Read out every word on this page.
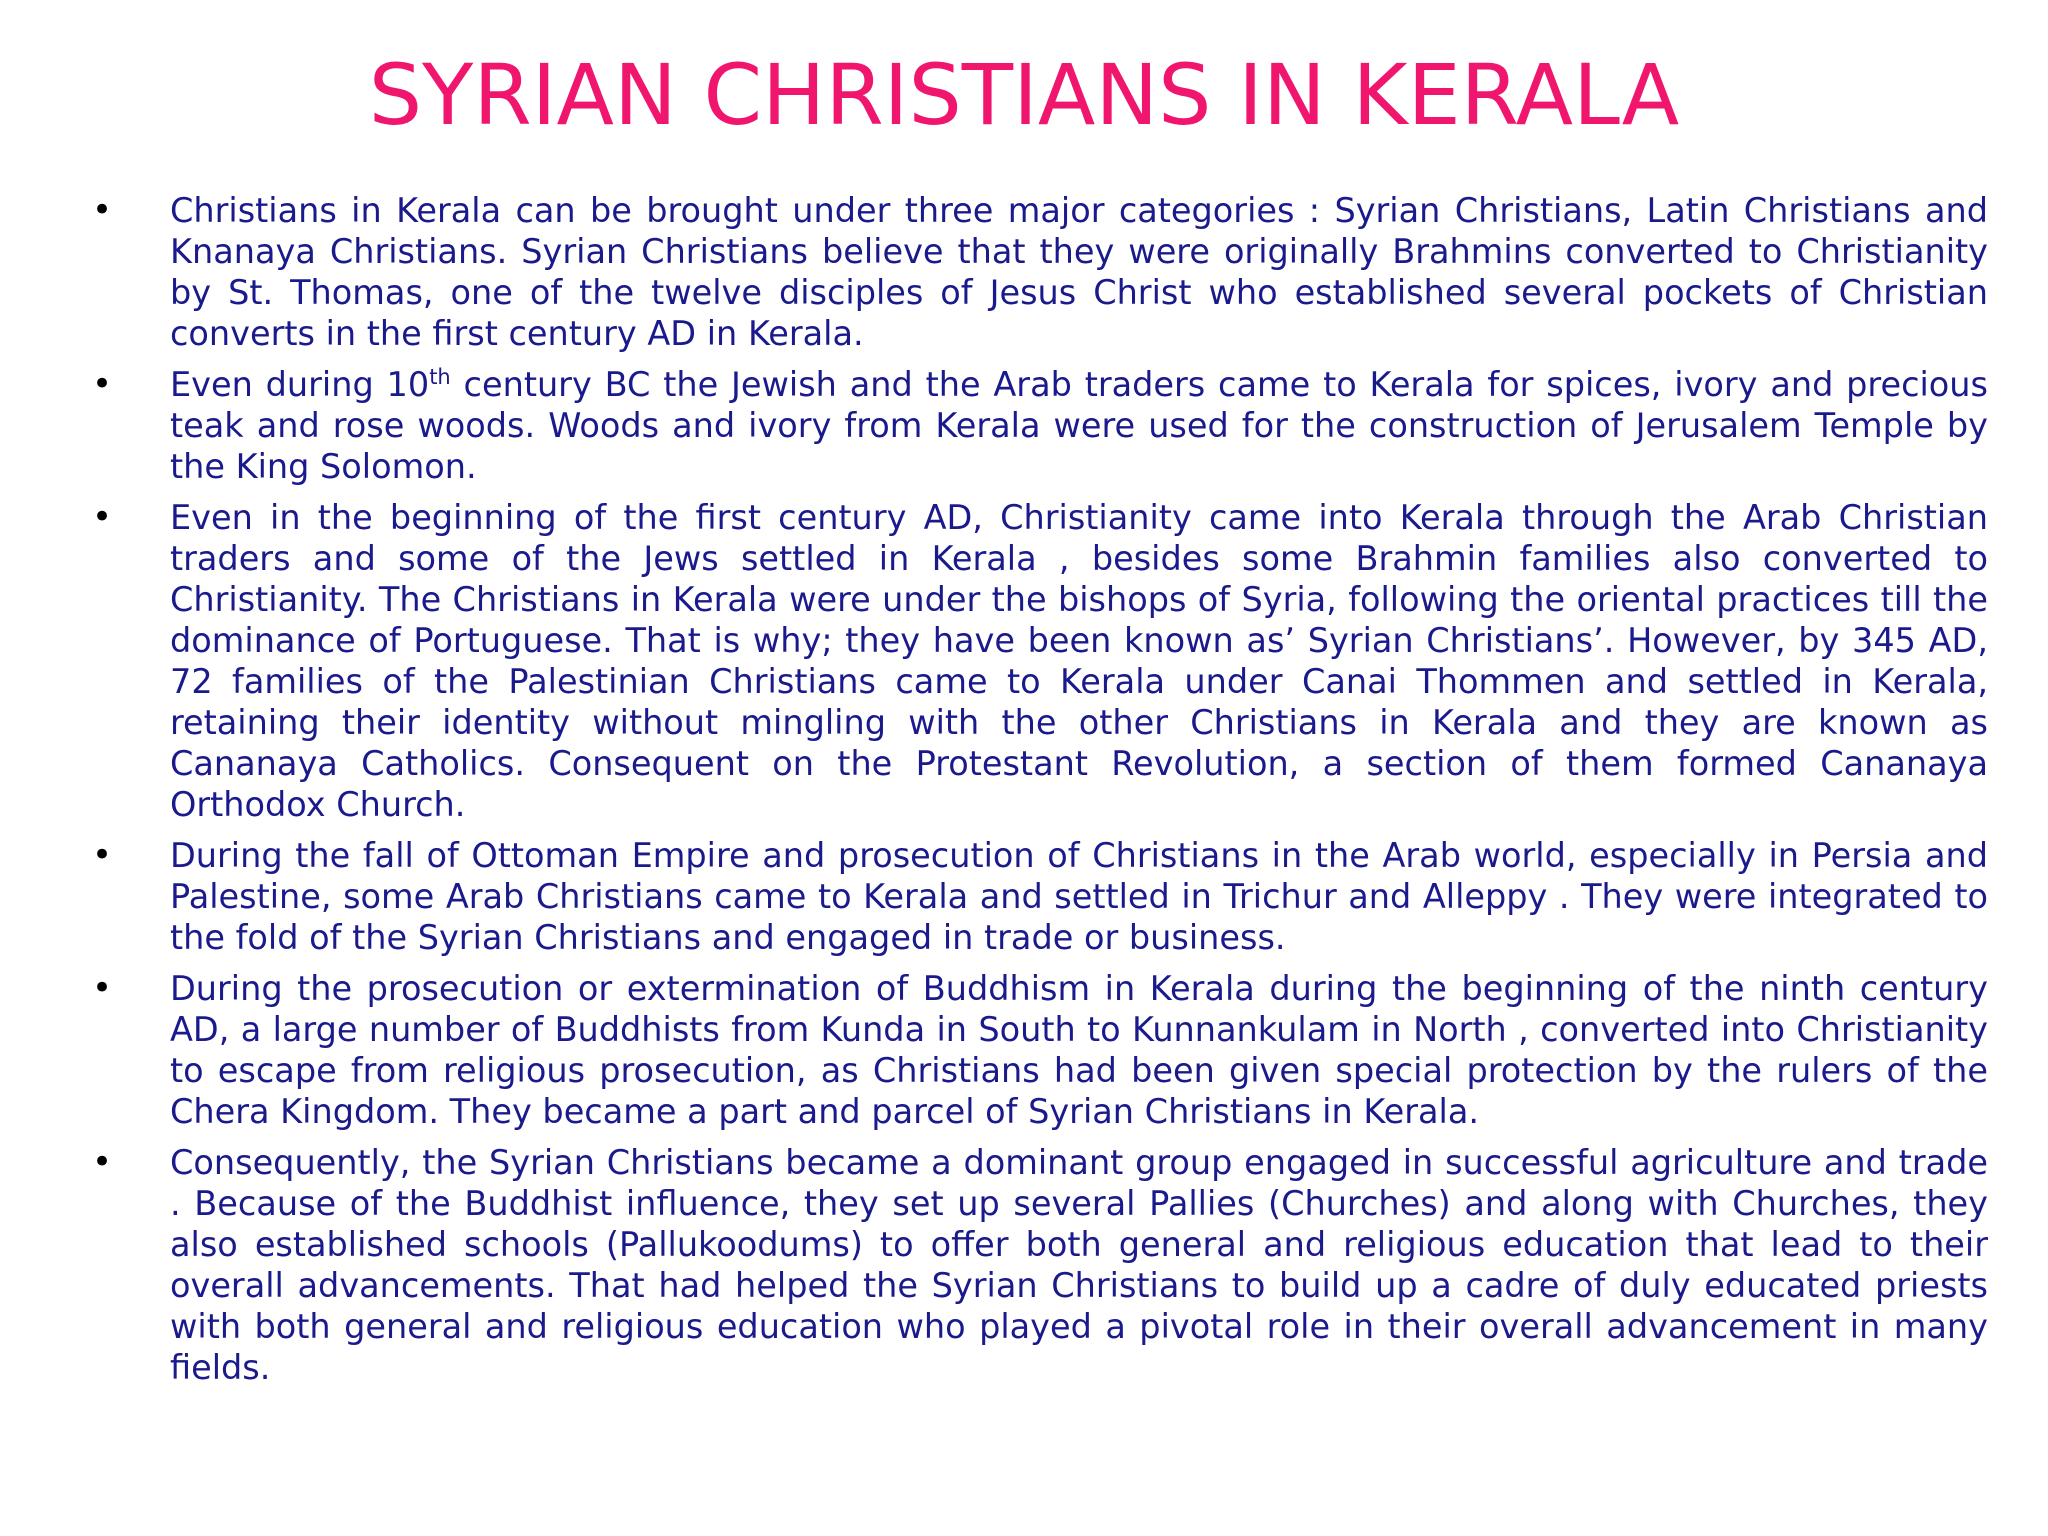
SYRIAN CHRISTIANS IN KERALA
• Christians in Kerala can be brought under three major categories : Syrian Christians, Latin Christians and Knanaya Christians. Syrian Christians believe that they were originally Brahmins converted to Christianity by St. Thomas, one of the twelve disciples of Jesus Christ who established several pockets of Christian converts in the first century AD in Kerala.
• Even during 10th century BC the Jewish and the Arab traders came to Kerala for spices, ivory and precious teak and rose woods. Woods and ivory from Kerala were used for the construction of Jerusalem Temple by the King Solomon.
• Even in the beginning of the first century AD, Christianity came into Kerala through the Arab Christian traders and some of the Jews settled in Kerala , besides some Brahmin families also converted to Christianity. The Christians in Kerala were under the bishops of Syria, following the oriental practices till the dominance of Portuguese. That is why; they have been known as’ Syrian Christians’. However, by 345 AD, 72 families of the Palestinian Christians came to Kerala under Canai Thommen and settled in Kerala, retaining their identity without mingling with the other Christians in Kerala and they are known as Cananaya Catholics. Consequent on the Protestant Revolution, a section of them formed Cananaya Orthodox Church.
• During the fall of Ottoman Empire and prosecution of Christians in the Arab world, especially in Persia and Palestine, some Arab Christians came to Kerala and settled in Trichur and Alleppy . They were integrated to the fold of the Syrian Christians and engaged in trade or business.
• During the prosecution or extermination of Buddhism in Kerala during the beginning of the ninth century AD, a large number of Buddhists from Kunda in South to Kunnankulam in North , converted into Christianity to escape from religious prosecution, as Christians had been given special protection by the rulers of the Chera Kingdom. They became a part and parcel of Syrian Christians in Kerala.
• Consequently, the Syrian Christians became a dominant group engaged in successful agriculture and trade . Because of the Buddhist influence, they set up several Pallies (Churches) and along with Churches, they also established schools (Pallukoodums) to offer both general and religious education that lead to their overall advancements. That had helped the Syrian Christians to build up a cadre of duly educated priests with both general and religious education who played a pivotal role in their overall advancement in many fields.
